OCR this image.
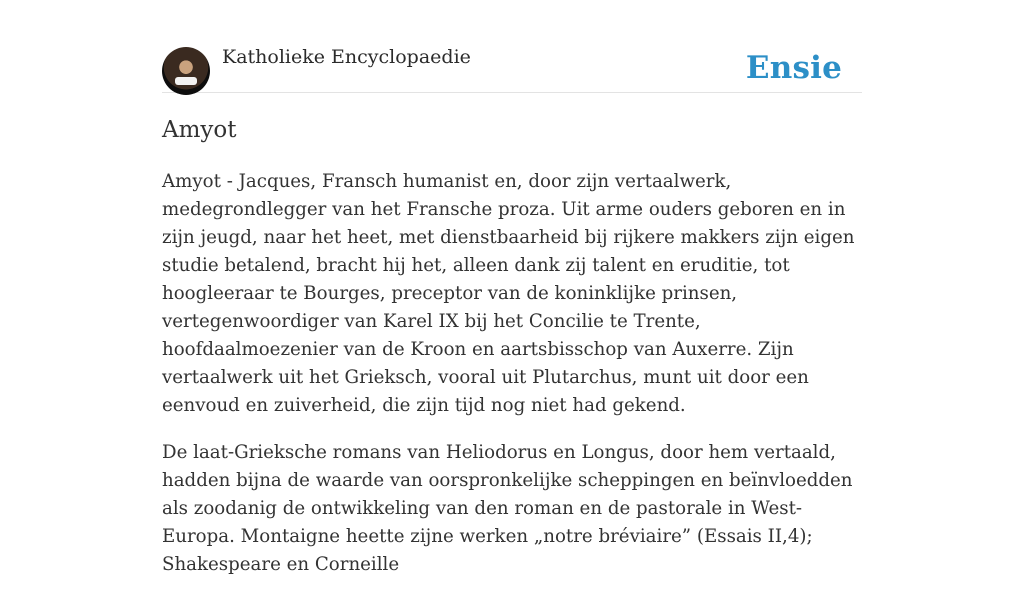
Katholieke Encyclopaedie	Ensie
Amyot

Amyot - Jacques, Fransch humanist en, door zijn vertaalwerk, medegrondlegger van het Fransche proza. Uit arme ouders geboren en in zijn jeugd, naar het heet, met dienstbaarheid bij rijkere makkers zijn eigen studie betalend, bracht hij het, alleen dank zij talent en eruditie, tot hoogleeraar te Bourges, preceptor van de koninklijke prinsen, vertegenwoordiger van Karel IX bij het Concilie te Trente, hoofdaalmoezenier van de Kroon en aartsbisschop van Auxerre. Zijn vertaalwerk uit het Grieksch, vooral uit Plutarchus, munt uit door een eenvoud en zuiverheid, die zijn tijd nog niet had gekend.

De laat-Grieksche romans van Heliodorus en Longus, door hem vertaald, hadden bijna de waarde van oorspronkelijke scheppingen en beïnvloedden als zoodanig de ontwikkeling van den roman en de pastorale in West-Europa. Montaigne heette zijne werken „notre bréviaire” (Essais II,4); Shakespeare en Corneille
